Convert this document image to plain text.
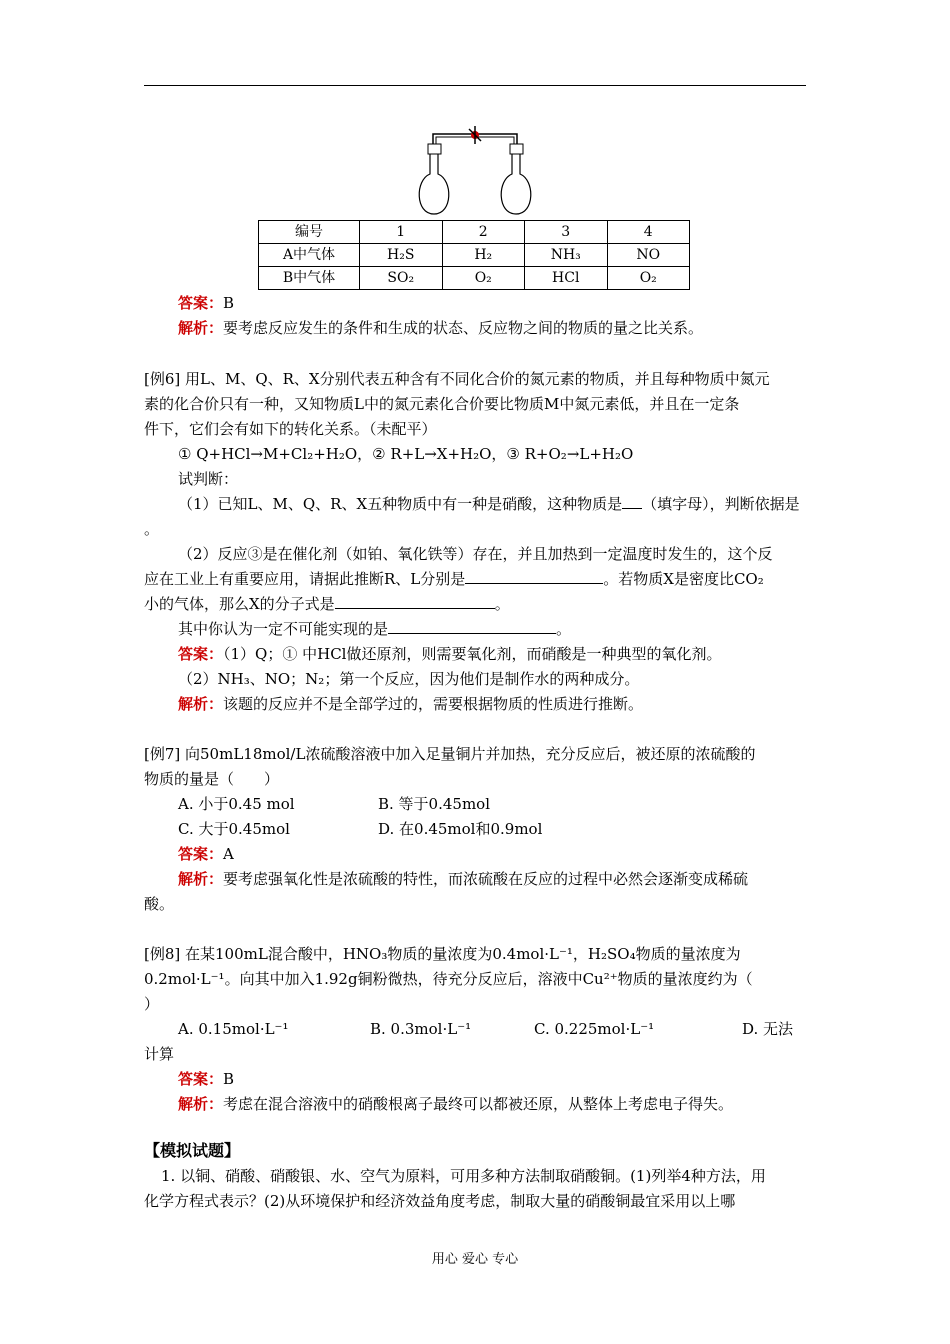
编号	1	2	3	4
A中气体	H₂S	H₂	NH₃	NO
B中气体	SO₂	O₂	HCl	O₂
答案：B
解析：要考虑反应发生的条件和生成的状态、反应物之间的物质的量之比关系。
[例6] 用L、M、Q、R、X分别代表五种含有不同化合价的氮元素的物质，并且每种物质中氮元
素的化合价只有一种，又知物质L中的氮元素化合价要比物质M中氮元素低，并且在一定条
件下，它们会有如下的转化关系。（未配平）
① Q+HCl→M+Cl₂+H₂O，② R+L→X+H₂O，③ R+O₂→L+H₂O
试判断：
（1）已知L、M、Q、R、X五种物质中有一种是硝酸，这种物质是 （填字母），判断依据是
。
（2）反应③是在催化剂（如铂、氧化铁等）存在，并且加热到一定温度时发生的，这个反
应在工业上有重要应用，请据此推断R、L分别是	。若物质X是密度比CO₂
小的气体，那么X的分子式是	。
其中你认为一定不可能实现的是	。
答案：（1）Q；① 中HCl做还原剂，则需要氧化剂，而硝酸是一种典型的氧化剂。
（2）NH₃、NO；N₂；第一个反应，因为他们是制作水的两种成分。
解析：该题的反应并不是全部学过的，需要根据物质的性质进行推断。
[例7] 向50mL18mol/L浓硫酸溶液中加入足量铜片并加热，充分反应后，被还原的浓硫酸的
物质的量是（　　）
A. 小于0.45 mol	B. 等于0.45mol
C. 大于0.45mol	D. 在0.45mol和0.9mol
答案：A
解析：要考虑强氧化性是浓硫酸的特性，而浓硫酸在反应的过程中必然会逐渐变成稀硫
酸。
[例8] 在某100mL混合酸中，HNO₃物质的量浓度为0.4mol·L⁻¹，H₂SO₄物质的量浓度为
0.2mol·L⁻¹。向其中加入1.92g铜粉微热，待充分反应后，溶液中Cu²⁺物质的量浓度约为（
）
A. 0.15mol·L⁻¹	B. 0.3mol·L⁻¹	C. 0.225mol·L⁻¹	D. 无法
计算
答案：B
解析：考虑在混合溶液中的硝酸根离子最终可以都被还原，从整体上考虑电子得失。
【模拟试题】
1. 以铜、硝酸、硝酸银、水、空气为原料，可用多种方法制取硝酸铜。(1)列举4种方法，用
化学方程式表示？(2)从环境保护和经济效益角度考虑，制取大量的硝酸铜最宜采用以上哪
用心 爱心 专心
